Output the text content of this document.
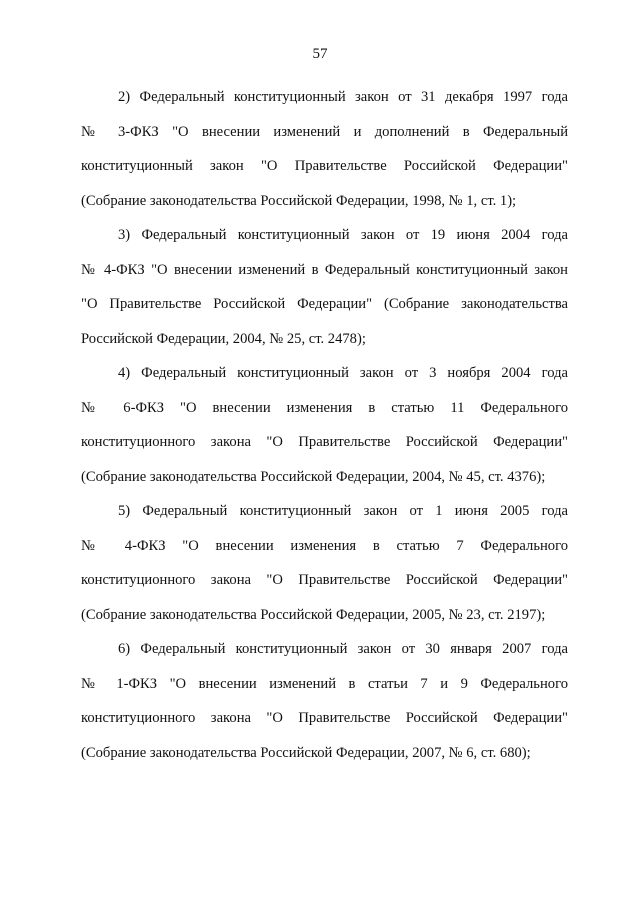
57
2) Федеральный конституционный закон от 31 декабря 1997 года
№ 3-ФКЗ "О внесении изменений и дополнений в Федеральный
конституционный закон "О Правительстве Российской Федерации"
(Собрание законодательства Российской Федерации, 1998, № 1, ст. 1);
3) Федеральный конституционный закон от 19 июня 2004 года
№ 4-ФКЗ "О внесении изменений в Федеральный конституционный закон
"О Правительстве Российской Федерации" (Собрание законодательства
Российской Федерации, 2004, № 25, ст. 2478);
4) Федеральный конституционный закон от 3 ноября 2004 года
№ 6-ФКЗ "О внесении изменения в статью 11 Федерального
конституционного закона "О Правительстве Российской Федерации"
(Собрание законодательства Российской Федерации, 2004, № 45, ст. 4376);
5) Федеральный конституционный закон от 1 июня 2005 года
№ 4-ФКЗ "О внесении изменения в статью 7 Федерального
конституционного закона "О Правительстве Российской Федерации"
(Собрание законодательства Российской Федерации, 2005, № 23, ст. 2197);
6) Федеральный конституционный закон от 30 января 2007 года
№ 1-ФКЗ "О внесении изменений в статьи 7 и 9 Федерального
конституционного закона "О Правительстве Российской Федерации"
(Собрание законодательства Российской Федерации, 2007, № 6, ст. 680);
